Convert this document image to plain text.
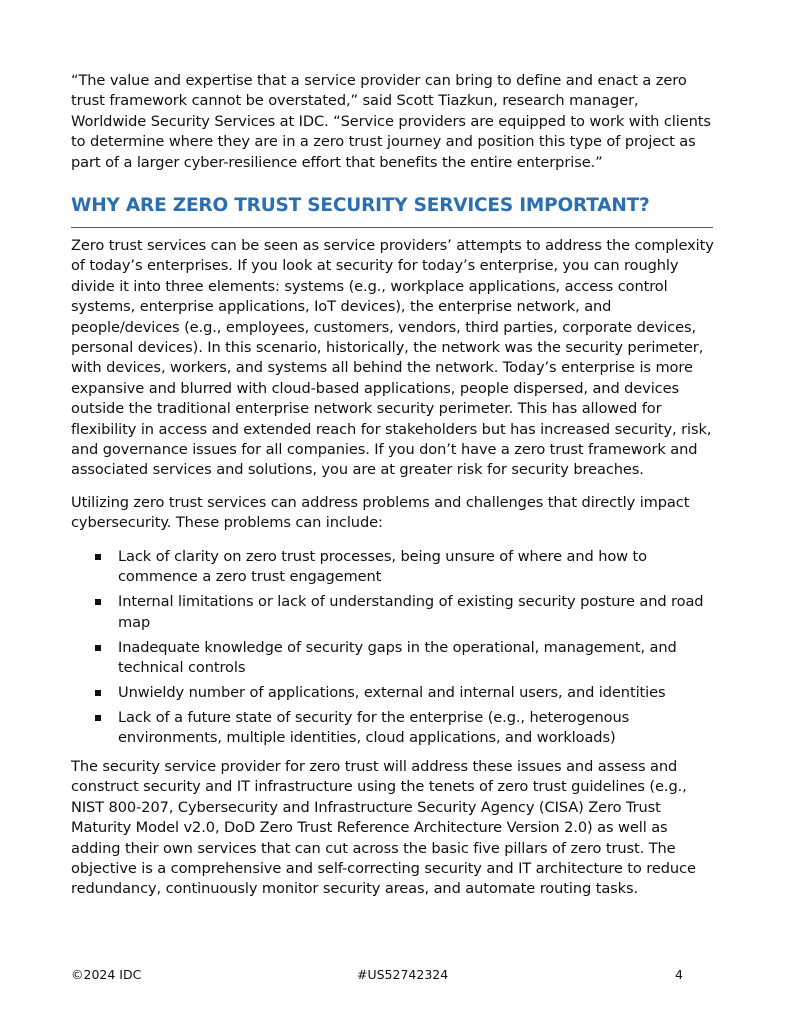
“The value and expertise that a service provider can bring to define and enact a zero trust framework cannot be overstated,” said Scott Tiazkun, research manager, Worldwide Security Services at IDC. “Service providers are equipped to work with clients to determine where they are in a zero trust journey and position this type of project as part of a larger cyber-resilience effort that benefits the entire enterprise.”

WHY ARE ZERO TRUST SECURITY SERVICES IMPORTANT?

Zero trust services can be seen as service providers’ attempts to address the complexity of today’s enterprises. If you look at security for today’s enterprise, you can roughly divide it into three elements: systems (e.g., workplace applications, access control systems, enterprise applications, IoT devices), the enterprise network, and people/devices (e.g., employees, customers, vendors, third parties, corporate devices, personal devices). In this scenario, historically, the network was the security perimeter, with devices, workers, and systems all behind the network. Today’s enterprise is more expansive and blurred with cloud-based applications, people dispersed, and devices outside the traditional enterprise network security perimeter. This has allowed for flexibility in access and extended reach for stakeholders but has increased security, risk, and governance issues for all companies. If you don’t have a zero trust framework and associated services and solutions, you are at greater risk for security breaches.

Utilizing zero trust services can address problems and challenges that directly impact cybersecurity. These problems can include:

Lack of clarity on zero trust processes, being unsure of where and how to commence a zero trust engagement
Internal limitations or lack of understanding of existing security posture and road map
Inadequate knowledge of security gaps in the operational, management, and technical controls
Unwieldy number of applications, external and internal users, and identities
Lack of a future state of security for the enterprise (e.g., heterogenous environments, multiple identities, cloud applications, and workloads)

The security service provider for zero trust will address these issues and assess and construct security and IT infrastructure using the tenets of zero trust guidelines (e.g., NIST 800-207, Cybersecurity and Infrastructure Security Agency (CISA) Zero Trust Maturity Model v2.0, DoD Zero Trust Reference Architecture Version 2.0) as well as adding their own services that can cut across the basic five pillars of zero trust. The objective is a comprehensive and self-correcting security and IT architecture to reduce redundancy, continuously monitor security areas, and automate routing tasks.

©2024 IDC	#US52742324	4
